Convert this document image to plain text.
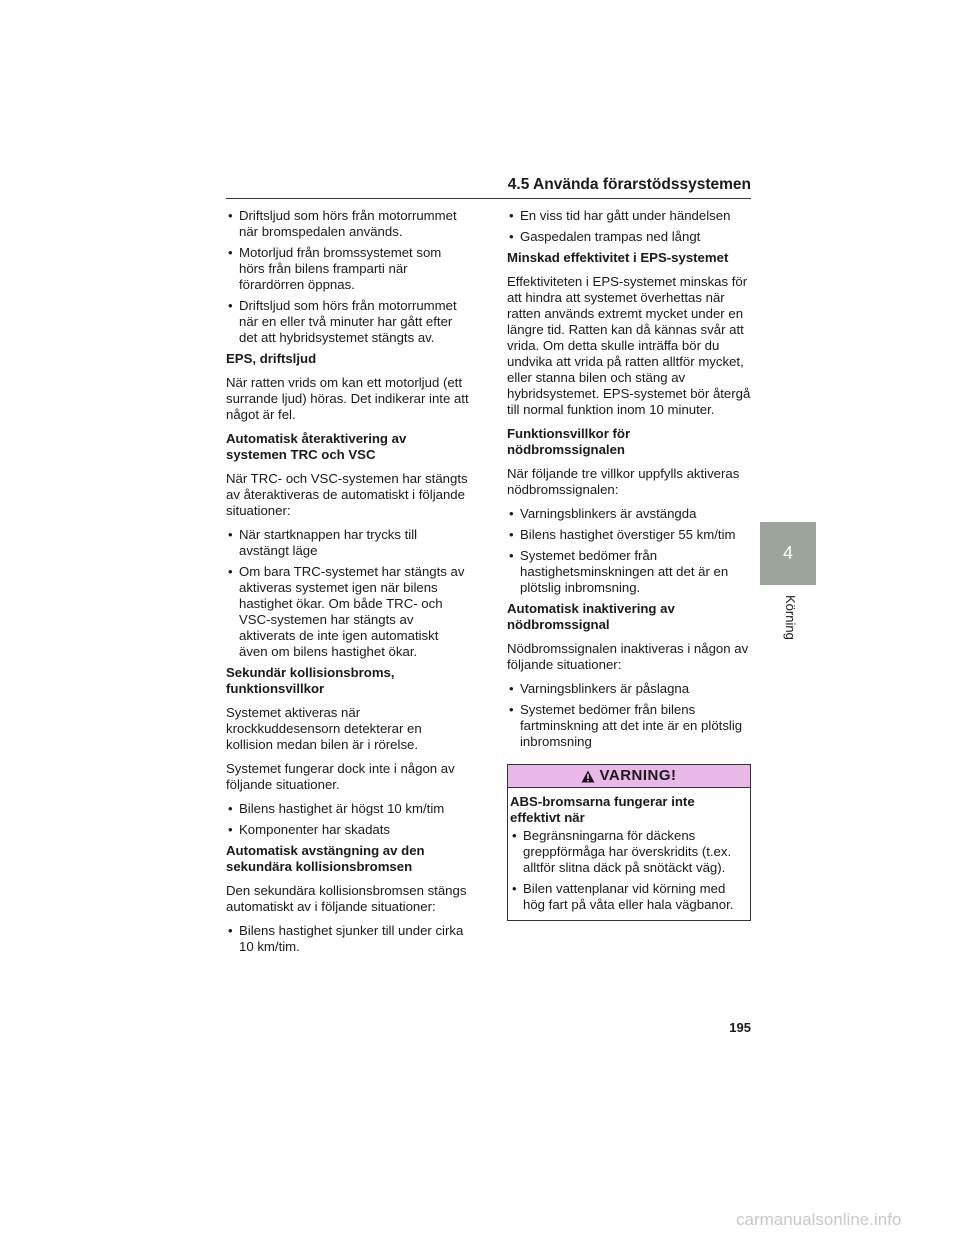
4.5 Använda förarstödssystemen
• Driftsljud som hörs från motorrummet när bromspedalen används.
• Motorljud från bromssystemet som hörs från bilens framparti när förardörren öppnas.
• Driftsljud som hörs från motorrummet när en eller två minuter har gått efter det att hybridsystemet stängts av.
EPS, driftsljud
När ratten vrids om kan ett motorljud (ett surrande ljud) höras. Det indikerar inte att något är fel.
Automatisk återaktivering av systemen TRC och VSC
När TRC- och VSC-systemen har stängts av återaktiveras de automatiskt i följande situationer:
• När startknappen har trycks till avstängt läge
• Om bara TRC-systemet har stängts av aktiveras systemet igen när bilens hastighet ökar. Om både TRC- och VSC-systemen har stängts av aktiverats de inte igen automatiskt även om bilens hastighet ökar.
Sekundär kollisionsbroms, funktionsvillkor
Systemet aktiveras när krockkuddesensorn detekterar en kollision medan bilen är i rörelse.
Systemet fungerar dock inte i någon av följande situationer.
• Bilens hastighet är högst 10 km/tim
• Komponenter har skadats
Automatisk avstängning av den sekundära kollisionsbromsen
Den sekundära kollisionsbromsen stängs automatiskt av i följande situationer:
• Bilens hastighet sjunker till under cirka 10 km/tim.
• En viss tid har gått under händelsen
• Gaspedalen trampas ned långt
Minskad effektivitet i EPS-systemet
Effektiviteten i EPS-systemet minskas för att hindra att systemet överhettas när ratten används extremt mycket under en längre tid. Ratten kan då kännas svår att vrida. Om detta skulle inträffa bör du undvika att vrida på ratten alltför mycket, eller stanna bilen och stäng av hybridsystemet. EPS-systemet bör återgå till normal funktion inom 10 minuter.
Funktionsvillkor för nödbromssignalen
När följande tre villkor uppfylls aktiveras nödbromssignalen:
• Varningsblinkers är avstängda
• Bilens hastighet överstiger 55 km/tim
• Systemet bedömer från hastighetsminskningen att det är en plötslig inbromsning.
Automatisk inaktivering av nödbromssignal
Nödbromssignalen inaktiveras i någon av följande situationer:
• Varningsblinkers är påslagna
• Systemet bedömer från bilens fartminskning att det inte är en plötslig inbromsning
VARNING!
ABS-bromsarna fungerar inte effektivt när
• Begränsningarna för däckens greppförmåga har överskridits (t.ex. alltför slitna däck på snötäckt väg).
• Bilen vattenplanar vid körning med hög fart på våta eller hala vägbanor.
4
Körning
195
carmanualsonline.info
